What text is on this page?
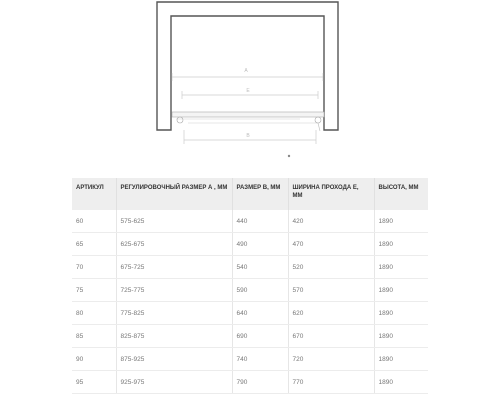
A
E
B
АРТИКУЛ	РЕГУЛИРОВОЧНЫЙ РАЗМЕР А , ММ	РАЗМЕР B, ММ	ШИРИНА ПРОХОДА E, ММ	ВЫСОТА, ММ
60	575-625	440	420	1890
65	625-675	490	470	1890
70	675-725	540	520	1890
75	725-775	590	570	1890
80	775-825	640	620	1890
85	825-875	690	670	1890
90	875-925	740	720	1890
95	925-975	790	770	1890
